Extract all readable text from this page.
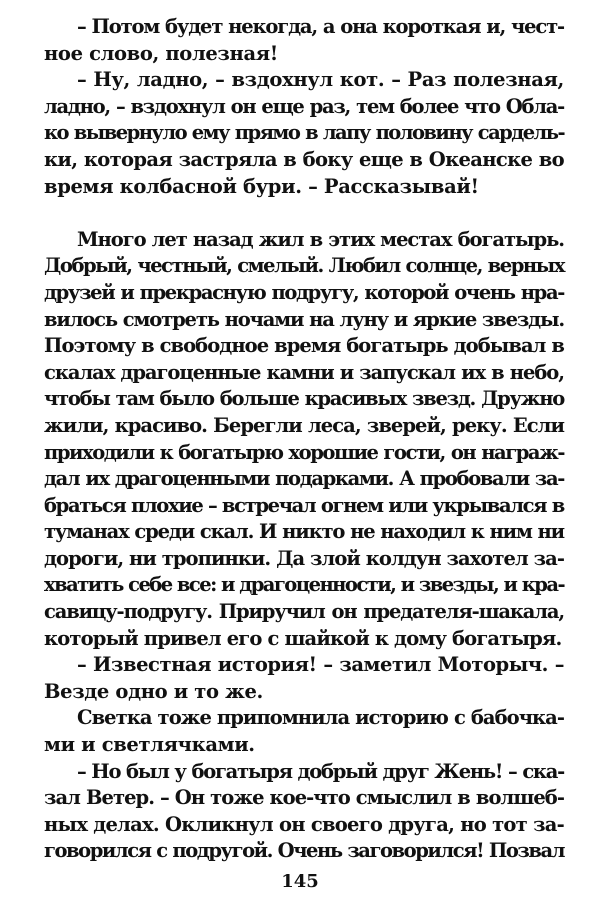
– Потом будет некогда, а она короткая и, чест-
ное слово, полезная!
– Ну, ладно, – вздохнул кот. – Раз полезная,
ладно, – вздохнул он еще раз, тем более что Обла-
ко вывернуло ему прямо в лапу половину сардель-
ки, которая застряла в боку еще в Океанске во
время колбасной бури. – Рассказывай!
Много лет назад жил в этих местах богатырь.
Добрый, честный, смелый. Любил солнце, верных
друзей и прекрасную подругу, которой очень нра-
вилось смотреть ночами на луну и яркие звезды.
Поэтому в свободное время богатырь добывал в
скалах драгоценные камни и запускал их в небо,
чтобы там было больше красивых звезд. Дружно
жили, красиво. Берегли леса, зверей, реку. Если
приходили к богатырю хорошие гости, он награж-
дал их драгоценными подарками. А пробовали за-
браться плохие – встречал огнем или укрывался в
туманах среди скал. И никто не находил к ним ни
дороги, ни тропинки. Да злой колдун захотел за-
хватить себе все: и драгоценности, и звезды, и кра-
савицу-подругу. Приручил он предателя-шакала,
который привел его с шайкой к дому богатыря.
– Известная история! – заметил Моторыч. –
Везде одно и то же.
Светка тоже припомнила историю с бабочка-
ми и светлячками.
– Но был у богатыря добрый друг Жень! – ска-
зал Ветер. – Он тоже кое-что смыслил в волшеб-
ных делах. Окликнул он своего друга, но тот за-
говорился с подругой. Очень заговорился! Позвал
145
